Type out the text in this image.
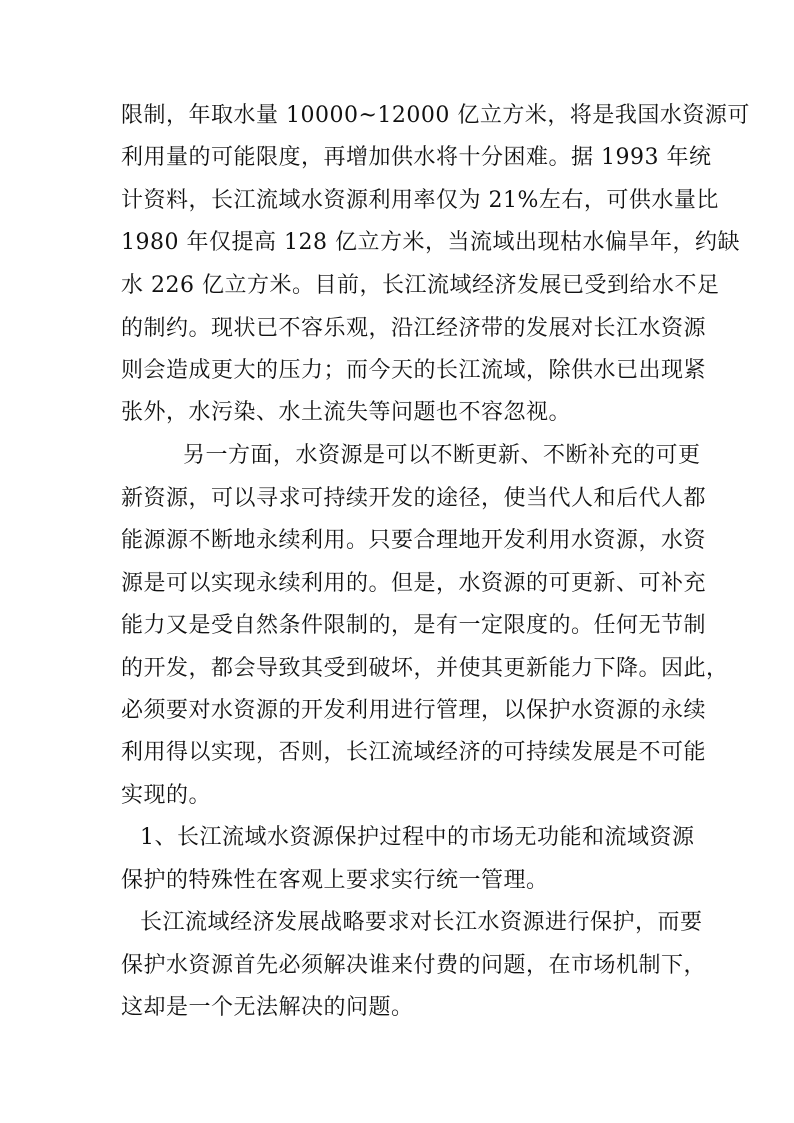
限制，年取水量 10000~12000 亿立方米，将是我国水资源可
利用量的可能限度，再增加供水将十分困难。据 1993 年统
计资料，长江流域水资源利用率仅为 21%左右，可供水量比
1980 年仅提高 128 亿立方米，当流域出现枯水偏旱年，约缺
水 226 亿立方米。目前，长江流域经济发展已受到给水不足
的制约。现状已不容乐观，沿江经济带的发展对长江水资源
则会造成更大的压力；而今天的长江流域，除供水已出现紧
张外，水污染、水土流失等问题也不容忽视。
另一方面，水资源是可以不断更新、不断补充的可更
新资源，可以寻求可持续开发的途径，使当代人和后代人都
能源源不断地永续利用。只要合理地开发利用水资源，水资
源是可以实现永续利用的。但是，水资源的可更新、可补充
能力又是受自然条件限制的，是有一定限度的。任何无节制
的开发，都会导致其受到破坏，并使其更新能力下降。因此，
必须要对水资源的开发利用进行管理，以保护水资源的永续
利用得以实现，否则，长江流域经济的可持续发展是不可能
实现的。
1、长江流域水资源保护过程中的市场无功能和流域资源
保护的特殊性在客观上要求实行统一管理。
长江流域经济发展战略要求对长江水资源进行保护，而要
保护水资源首先必须解决谁来付费的问题，在市场机制下，
这却是一个无法解决的问题。
